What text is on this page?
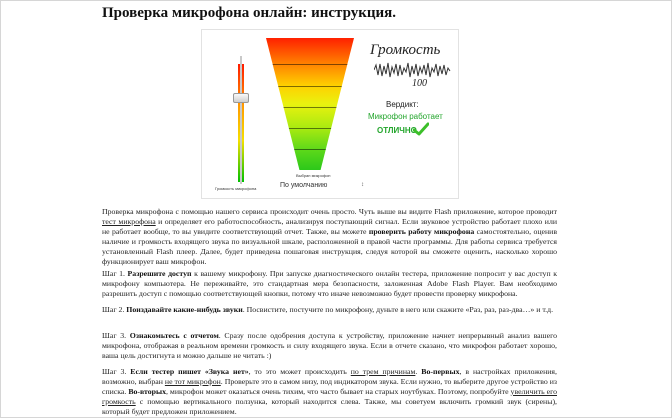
Проверка микрофона онлайн: инструкция.
Громкость микрофона
Выбран микрофон
По умолчанию	↕
Громкость
100
Вердикт:
Микрофон работает
ОТЛИЧНО

Проверка микрофона с помощью нашего сервиса происходит очень просто. Чуть выше вы видите Flash приложение, которое проводит тест микрофона и определяет его работоспособность, анализируя поступающий сигнал. Если звуковое устройство работает плохо или не работает вообще, то вы увидите соответствующий отчет. Также, вы можете проверить работу микрофона самостоятельно, оценив наличие и громкость входящего звука по визуальной шкале, расположенной в правой части программы. Для работы сервиса требуется установленный Flash плеер. Далее, будет приведена пошаговая инструкция, следуя которой вы сможете оценить, насколько хорошо функционирует ваш микрофон.

Шаг 1. Разрешите доступ к вашему микрофону. При запуске диагностического онлайн тестера, приложение попросит у вас доступ к микрофону компьютера. Не переживайте, это стандартная мера безопасности, заложенная Adobe Flash Player. Вам необходимо разрешить доступ с помощью соответствующей кнопки, потому что иначе невозможно будет провести проверку микрофона.

Шаг 2. Поиздавайте какие-нибудь звуки. Посвистите, постучите по микрофону, дуньте в него или скажите «Раз, раз, раз-два…» и т.д.

Шаг 3. Ознакомьтесь с отчетом. Сразу после одобрения доступа к устройству, приложение начнет непрерывный анализ вашего микрофона, отображая в реальном времени громкость и силу входящего звука. Если в отчете сказано, что микрофон работает хорошо, ваша цель достигнута и можно дальше не читать :)

Шаг 3. Если тестер пишет «Звука нет», то это может происходить по трем причинам. Во-первых, в настройках приложения, возможно, выбран не тот микрофон. Проверьте это в самом низу, под индикатором звука. Если нужно, то выберите другое устройство из списка. Во-вторых, микрофон может оказаться очень тихим, что часто бывает на старых ноутбуках. Поэтому, попробуйте увеличить его громкость с помощью вертикального ползунка, который находится слева. Также, мы советуем включить громкий звук (сирены), который будет предложен приложением.
